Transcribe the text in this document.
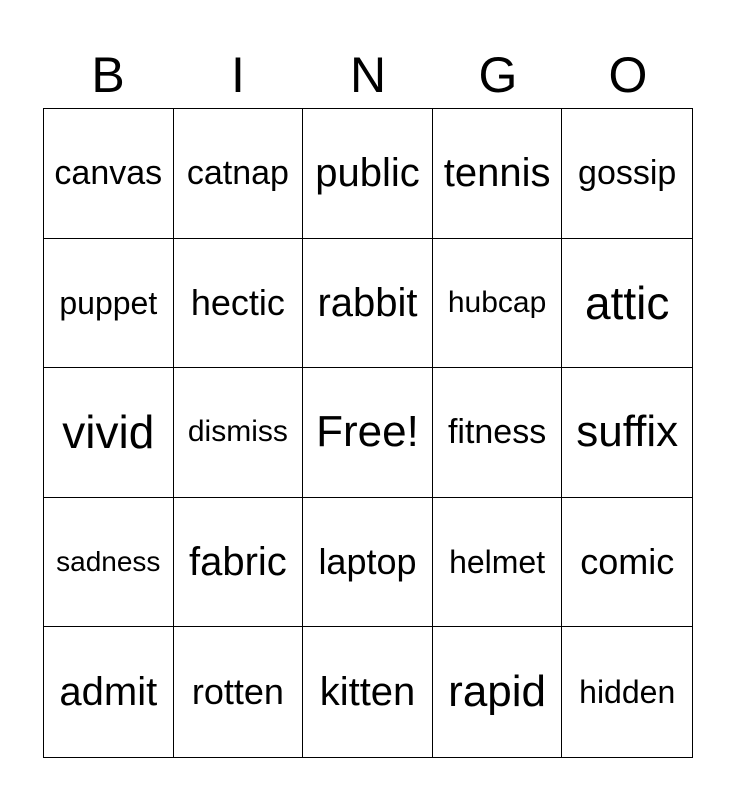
B	I	N	G	O
canvas catnap public tennis gossip
puppet hectic rabbit	hubcap attic
vivid	dismiss Free! fitness suffix
sadness fabric laptop	helmet comic
admit rotten kitten rapid	hidden
